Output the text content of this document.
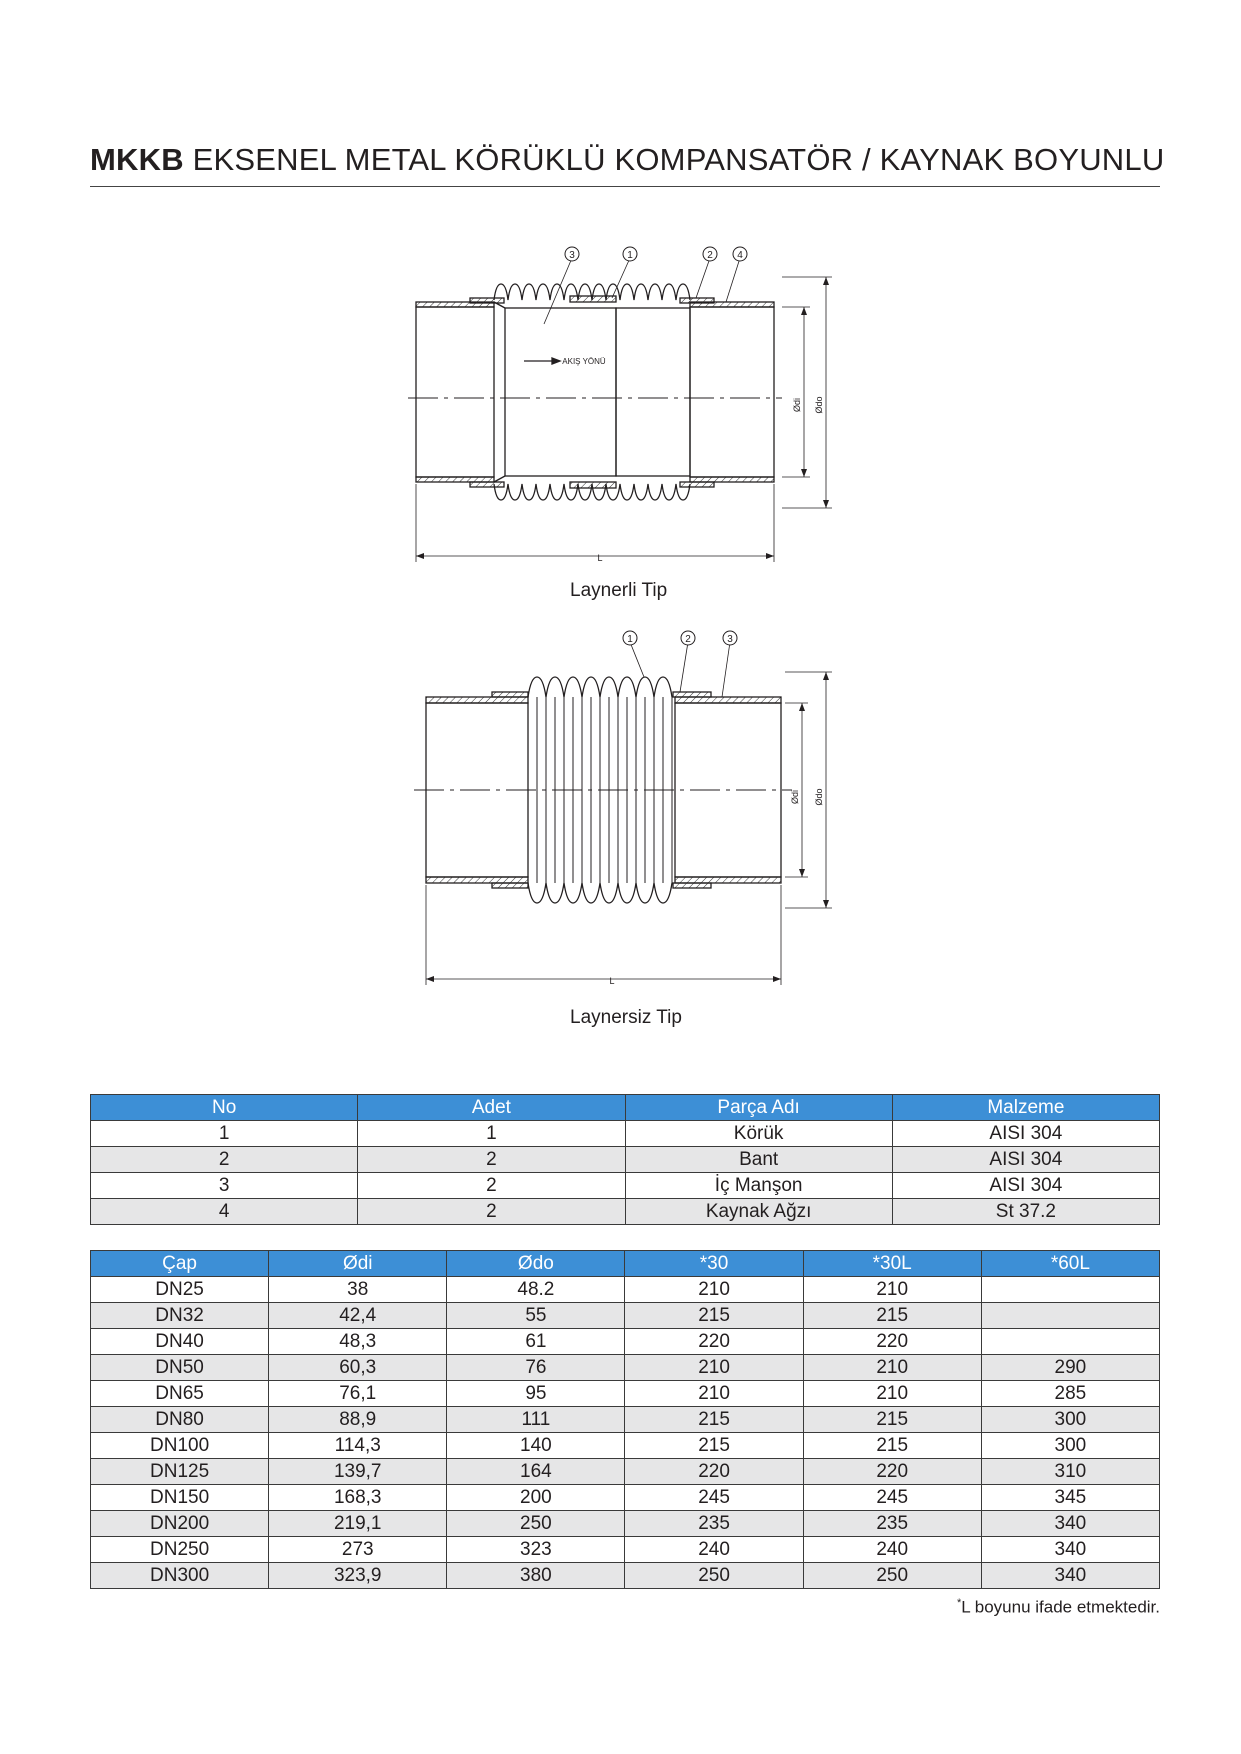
MKKB EKSENEL METAL KÖRÜKLÜ KOMPANSATÖR / KAYNAK BOYUNLU
3	1	2 4
AKIŞ YÖNÜ
L
Ødi Ødo
Laynerli Tip
1	2	3
L
Ødi Ødo
Laynersiz Tip
No	Adet	Parça Adı	Malzeme
1	1	Körük	AISI 304
2	2	Bant	AISI 304
3	2	İç Manşon	AISI 304
4	2	Kaynak Ağzı	St 37.2
Çap	Ødi	Ødo	*30	*30L	*60L
DN25	38	48.2	210	210	
DN32	42,4	55	215	215	
DN40	48,3	61	220	220	
DN50	60,3	76	210	210	290
DN65	76,1	95	210	210	285
DN80	88,9	111	215	215	300
DN100	114,3	140	215	215	300
DN125	139,7	164	220	220	310
DN150	168,3	200	245	245	345
DN200	219,1	250	235	235	340
DN250	273	323	240	240	340
DN300	323,9	380	250	250	340
*L boyunu ifade etmektedir.
